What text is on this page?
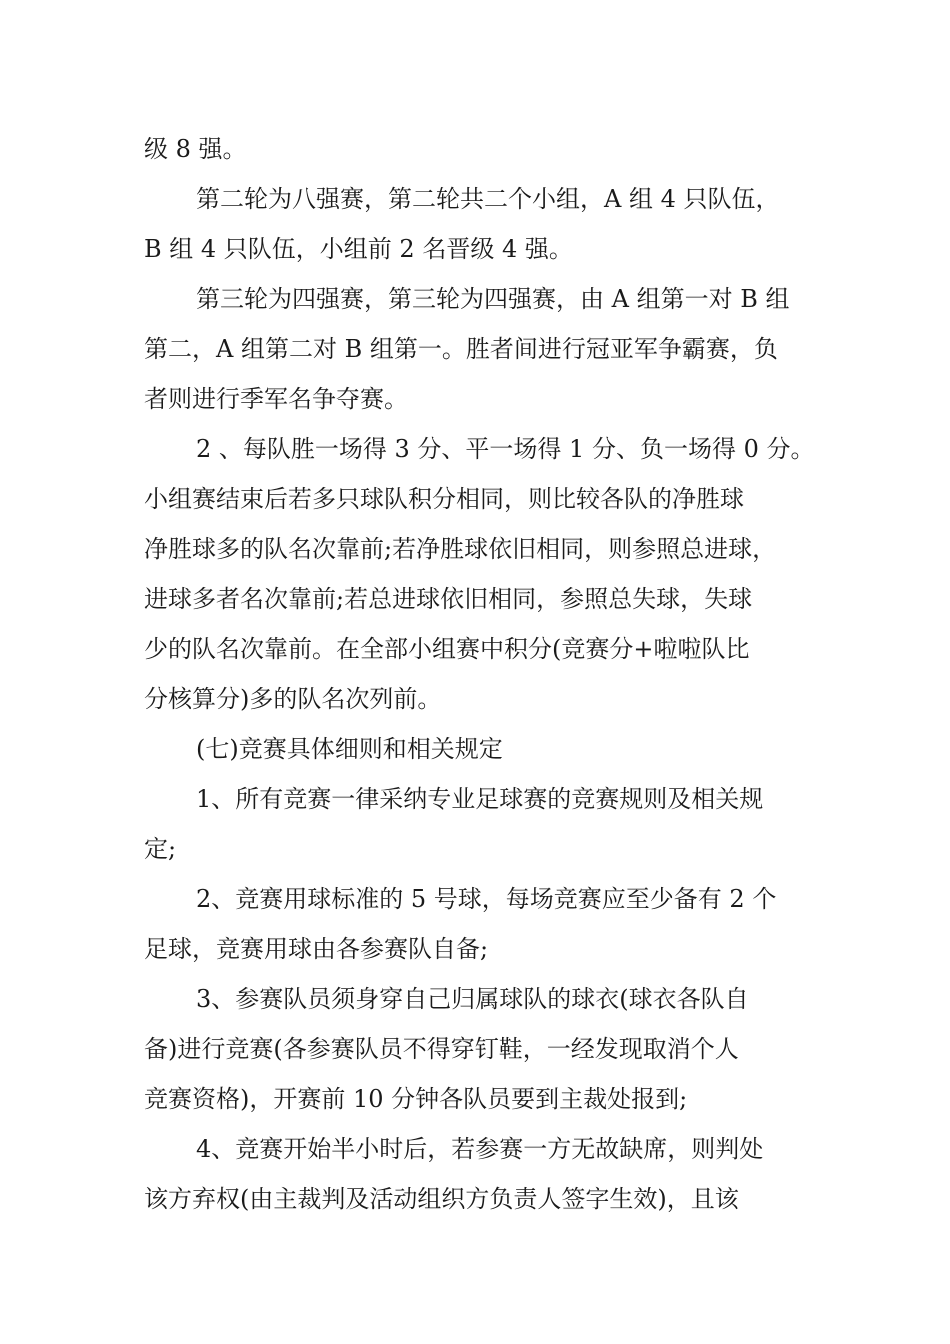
级 8 强。

第二轮为八强赛，第二轮共二个小组，A 组 4 只队伍，

B 组 4 只队伍，小组前 2 名晋级 4 强。

第三轮为四强赛，第三轮为四强赛，由 A 组第一对 B 组

第二，A 组第二对 B 组第一。胜者间进行冠亚军争霸赛，负

者则进行季军名争夺赛。

2 、每队胜一场得 3 分、平一场得 1 分、负一场得 0 分。

小组赛结束后若多只球队积分相同，则比较各队的净胜球

净胜球多的队名次靠前;若净胜球依旧相同，则参照总进球，

进球多者名次靠前;若总进球依旧相同，参照总失球，失球

少的队名次靠前。在全部小组赛中积分(竞赛分+啦啦队比

分核算分)多的队名次列前。

(七)竞赛具体细则和相关规定

1、所有竞赛一律采纳专业足球赛的竞赛规则及相关规

定;

2、竞赛用球标准的 5 号球，每场竞赛应至少备有 2 个

足球，竞赛用球由各参赛队自备;

3、参赛队员须身穿自己归属球队的球衣(球衣各队自

备)进行竞赛(各参赛队员不得穿钉鞋，一经发现取消个人

竞赛资格)，开赛前 10 分钟各队员要到主裁处报到;

4、竞赛开始半小时后，若参赛一方无故缺席，则判处

该方弃权(由主裁判及活动组织方负责人签字生效)，且该
